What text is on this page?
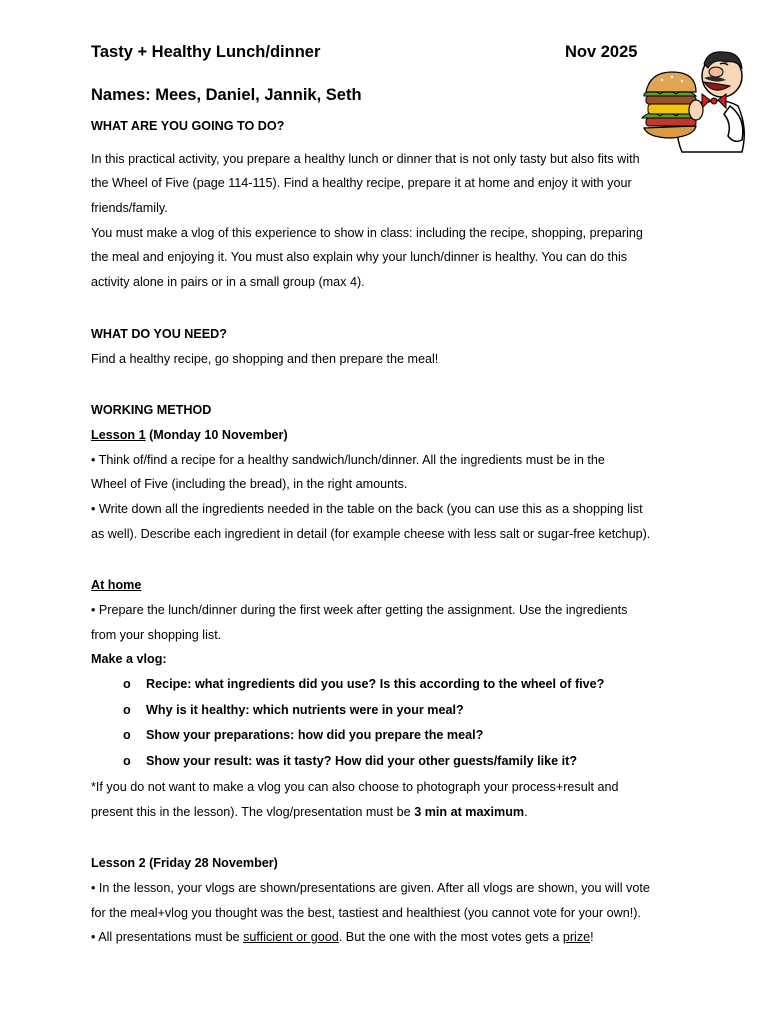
Tasty + Healthy Lunch/dinner	Nov 2025
Names: Mees, Daniel, Jannik, Seth
WHAT ARE YOU GOING TO DO?
In this practical activity, you prepare a healthy lunch or dinner that is not only tasty but also fits with
the Wheel of Five (page 114-115). Find a healthy recipe, prepare it at home and enjoy it with your
friends/family.
You must make a vlog of this experience to show in class: including the recipe, shopping, preparing
the meal and enjoying it. You must also explain why your lunch/dinner is healthy. You can do this
activity alone in pairs or in a small group (max 4).
WHAT DO YOU NEED?
Find a healthy recipe, go shopping and then prepare the meal!
WORKING METHOD
Lesson 1 (Monday 10 November)
• Think of/find a recipe for a healthy sandwich/lunch/dinner. All the ingredients must be in the
Wheel of Five (including the bread), in the right amounts.
• Write down all the ingredients needed in the table on the back (you can use this as a shopping list
as well). Describe each ingredient in detail (for example cheese with less salt or sugar-free ketchup).
At home
• Prepare the lunch/dinner during the first week after getting the assignment. Use the ingredients
from your shopping list.
Make a vlog:
o Recipe: what ingredients did you use? Is this according to the wheel of five?
o Why is it healthy: which nutrients were in your meal?
o Show your preparations: how did you prepare the meal?
o Show your result: was it tasty? How did your other guests/family like it?
*If you do not want to make a vlog you can also choose to photograph your process+result and
present this in the lesson). The vlog/presentation must be 3 min at maximum.
Lesson 2 (Friday 28 November)
• In the lesson, your vlogs are shown/presentations are given. After all vlogs are shown, you will vote
for the meal+vlog you thought was the best, tastiest and healthiest (you cannot vote for your own!).
• All presentations must be sufficient or good. But the one with the most votes gets a prize!
